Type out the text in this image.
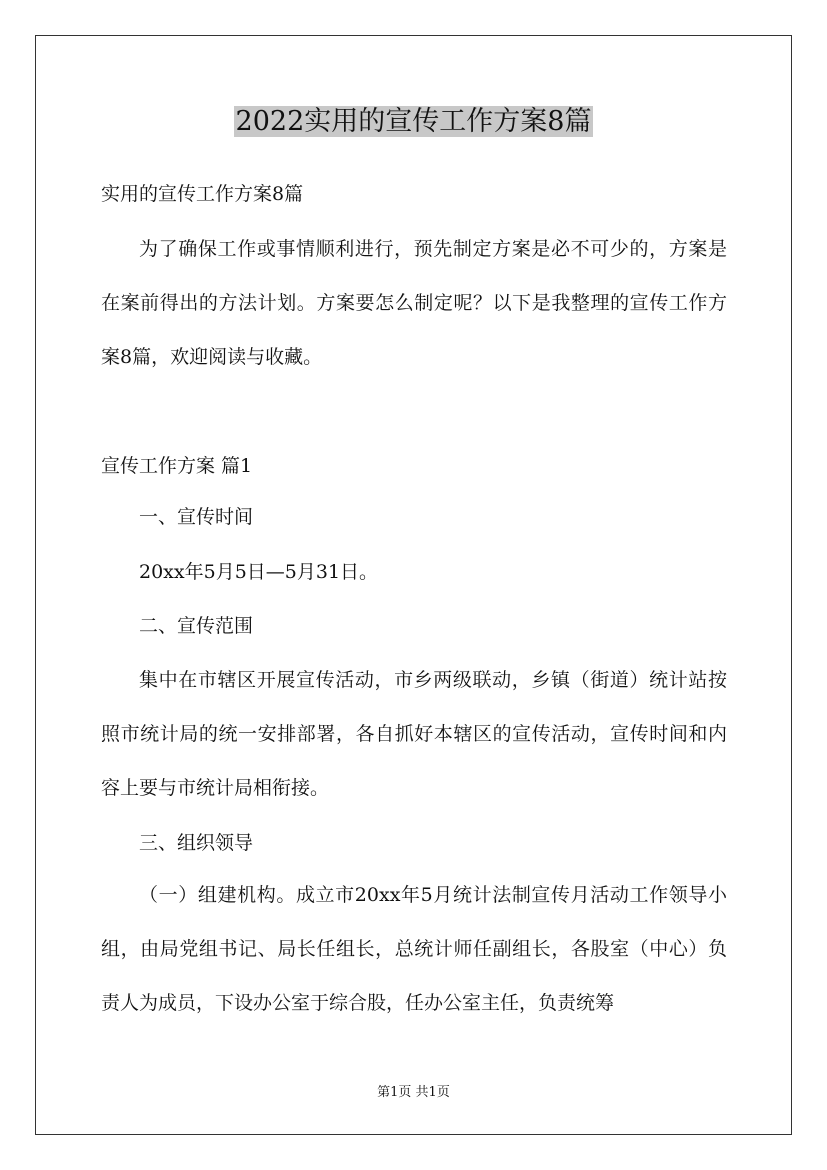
2022实用的宣传工作方案8篇

实用的宣传工作方案8篇

为了确保工作或事情顺利进行，预先制定方案是必不可少的，方案是在案前得出的方法计划。方案要怎么制定呢？以下是我整理的宣传工作方案8篇，欢迎阅读与收藏。

宣传工作方案 篇1

一、宣传时间

20xx年5月5日—5月31日。

二、宣传范围

集中在市辖区开展宣传活动，市乡两级联动，乡镇（街道）统计站按照市统计局的统一安排部署，各自抓好本辖区的宣传活动，宣传时间和内容上要与市统计局相衔接。

三、组织领导

（一）组建机构。成立市20xx年5月统计法制宣传月活动工作领导小组，由局党组书记、局长任组长，总统计师任副组长，各股室（中心）负责人为成员，下设办公室于综合股，任办公室主任，负责统筹

第1页 共1页
